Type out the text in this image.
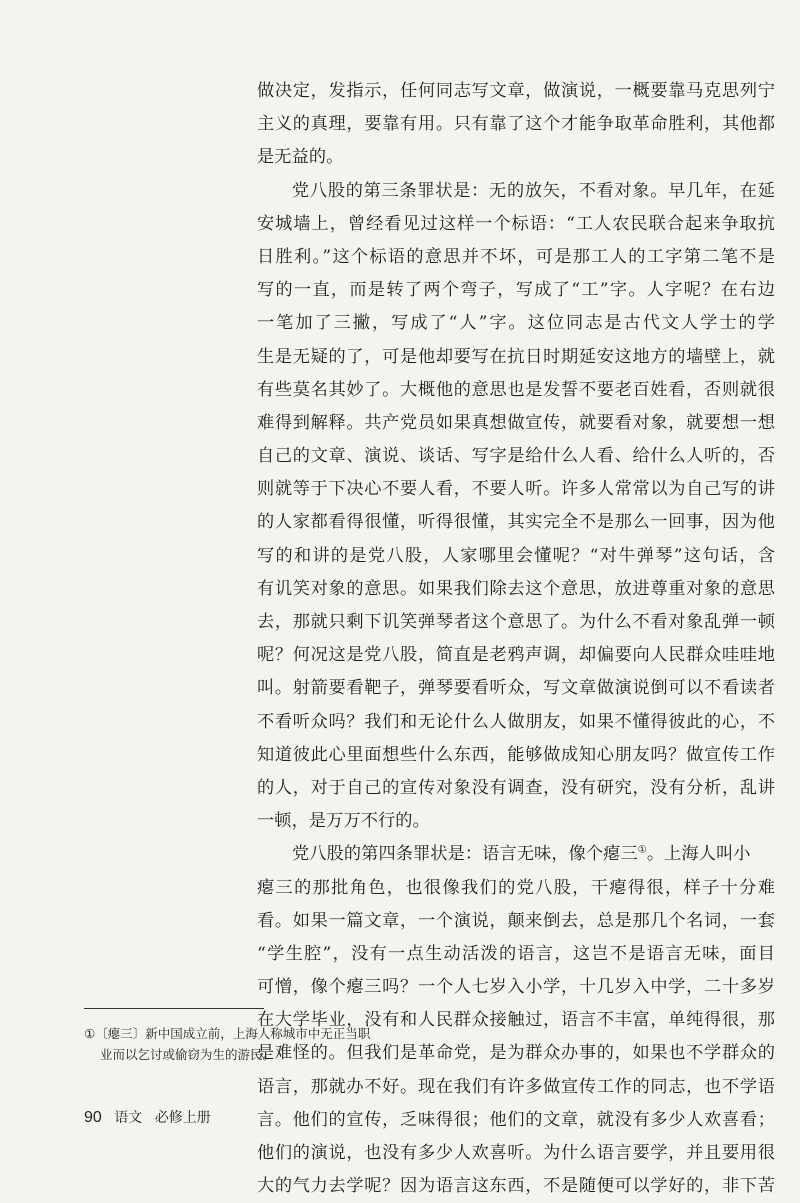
做决定，发指示，任何同志写文章，做演说，一概要靠马克思列宁
主义的真理，要靠有用。只有靠了这个才能争取革命胜利，其他都
是无益的。
党八股的第三条罪状是：无的放矢，不看对象。早几年，在延
安城墙上，曾经看见过这样一个标语：“工人农民联合起来争取抗
日胜利。”这个标语的意思并不坏，可是那工人的工字第二笔不是
写的一直，而是转了两个弯子，写成了“⼯”字。人字呢？在右边
一笔加了三撇，写成了“⼈”字。这位同志是古代文人学士的学
生是无疑的了，可是他却要写在抗日时期延安这地方的墙壁上，就
有些莫名其妙了。大概他的意思也是发誓不要老百姓看，否则就很
难得到解释。共产党员如果真想做宣传，就要看对象，就要想一想
自己的文章、演说、谈话、写字是给什么人看、给什么人听的，否
则就等于下决心不要人看，不要人听。许多人常常以为自己写的讲
的人家都看得很懂，听得很懂，其实完全不是那么一回事，因为他
写的和讲的是党八股，人家哪里会懂呢？“对牛弹琴”这句话，含
有讥笑对象的意思。如果我们除去这个意思，放进尊重对象的意思
去，那就只剩下讥笑弹琴者这个意思了。为什么不看对象乱弹一顿
呢？何况这是党八股，简直是老鸦声调，却偏要向人民群众哇哇地
叫。射箭要看靶子，弹琴要看听众，写文章做演说倒可以不看读者
不看听众吗？我们和无论什么人做朋友，如果不懂得彼此的心，不
知道彼此心里面想些什么东西，能够做成知心朋友吗？做宣传工作
的人，对于自己的宣传对象没有调查，没有研究，没有分析，乱讲
一顿，是万万不行的。
党八股的第四条罪状是：语言无味，像个瘪三①。上海人叫小
瘪三的那批角色，也很像我们的党八股，干瘪得很，样子十分难
看。如果一篇文章，一个演说，颠来倒去，总是那几个名词，一套
“学生腔”，没有一点生动活泼的语言，这岂不是语言无味，面目
可憎，像个瘪三吗？一个人七岁入小学，十几岁入中学，二十多岁
在大学毕业，没有和人民群众接触过，语言不丰富，单纯得很，那
是难怪的。但我们是革命党，是为群众办事的，如果也不学群众的
语言，那就办不好。现在我们有许多做宣传工作的同志，也不学语
言。他们的宣传，乏味得很；他们的文章，就没有多少人欢喜看；
他们的演说，也没有多少人欢喜听。为什么语言要学，并且要用很
大的气力去学呢？因为语言这东西，不是随便可以学好的，非下苦
①〔瘪三〕新中国成立前，上海人称城市中无正当职
业而以乞讨或偷窃为生的游民。
90 语文 必修上册
